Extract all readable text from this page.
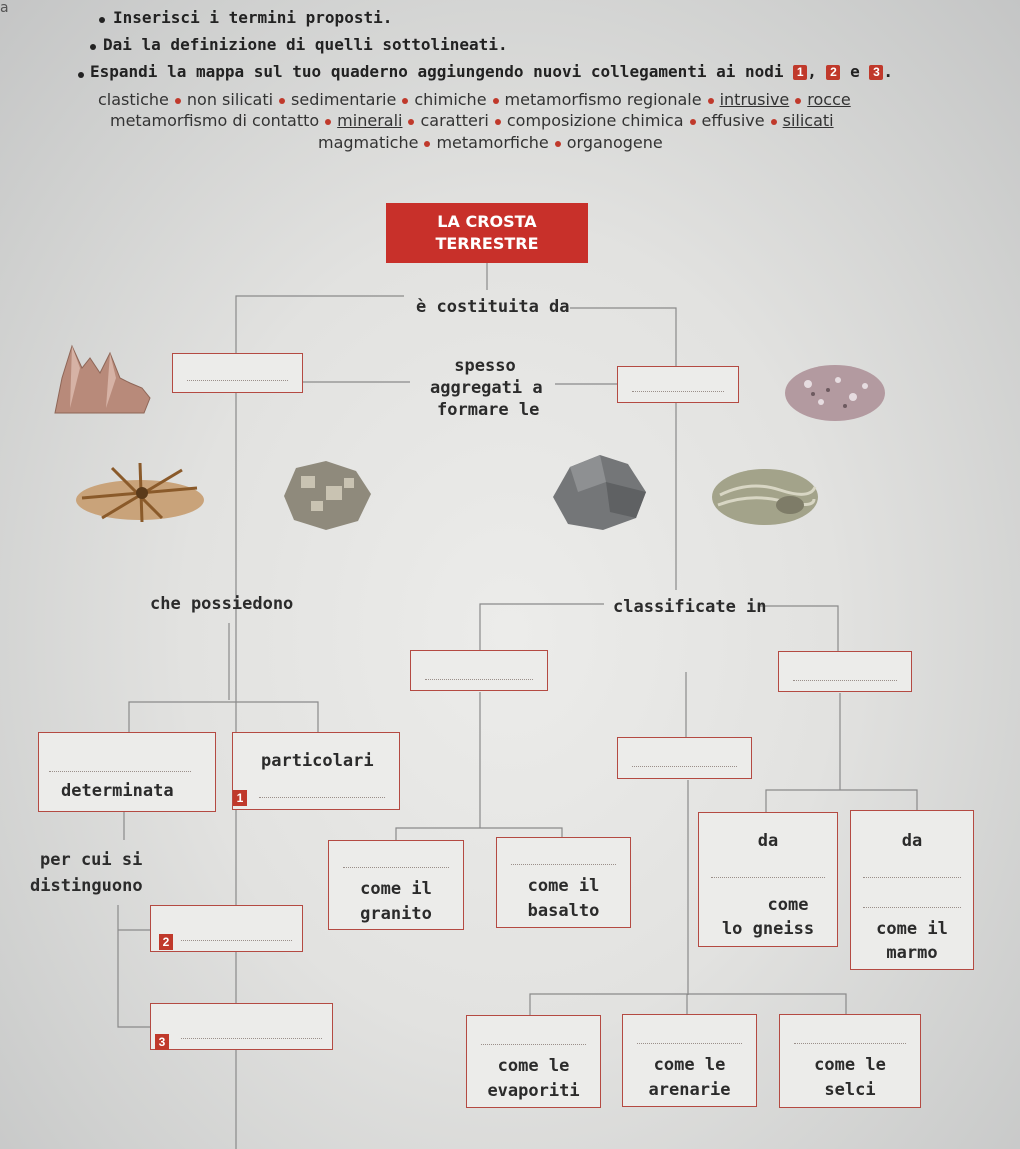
a	Inserisci i termini proposti.
Dai la definizione di quelli sottolineati.
Espandi la mappa sul tuo quaderno aggiungendo nuovi collegamenti ai nodi 1 , 2 e 3 .
clastiche non silicati sedimentarie chimiche metamorfismo regionale intrusive rocce
metamorfismo di contatto minerali caratteri composizione chimica effusive silicati
magmatiche metamorfiche organogene
LA CROSTA
TERRESTRE
è costituita da
spesso
aggregati a
formare le
che possiedono	classificate in
determinata
particolari
1
per cui si
distinguono
2
3
come il
granito
come il
basalto
da
come
lo gneiss
da
come il
marmo
come le
evaporiti
come le
arenarie
come le
selci
